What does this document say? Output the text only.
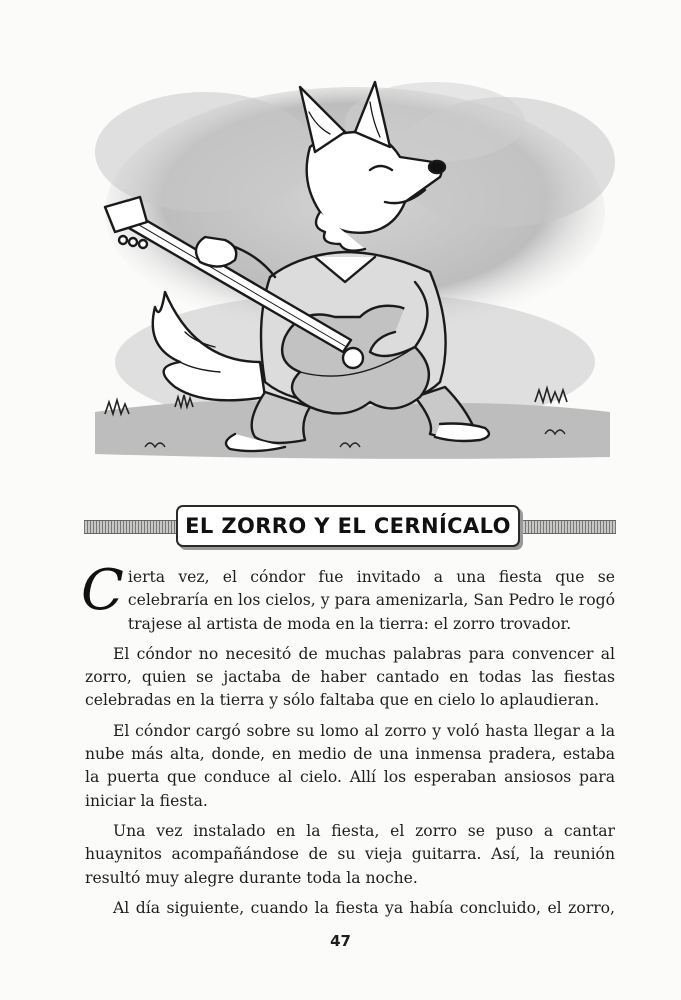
EL ZORRO Y EL CERNÍCALO

Cierta vez, el cóndor fue invitado a una fiesta que se celebraría en los cielos, y para amenizarla, San Pedro le rogó trajese al artista de moda en la tierra: el zorro trovador.

El cóndor no necesitó de muchas palabras para convencer al zorro, quien se jactaba de haber cantado en todas las fiestas celebradas en la tierra y sólo faltaba que en cielo lo aplaudieran.

El cóndor cargó sobre su lomo al zorro y voló hasta llegar a la nube más alta, donde, en medio de una inmensa pradera, estaba la puerta que conduce al cielo. Allí los esperaban ansiosos para iniciar la fiesta.

Una vez instalado en la fiesta, el zorro se puso a cantar huaynitos acompañándose de su vieja guitarra. Así, la reunión resultó muy alegre durante toda la noche.

Al día siguiente, cuando la fiesta ya había concluido, el zorro,

47
